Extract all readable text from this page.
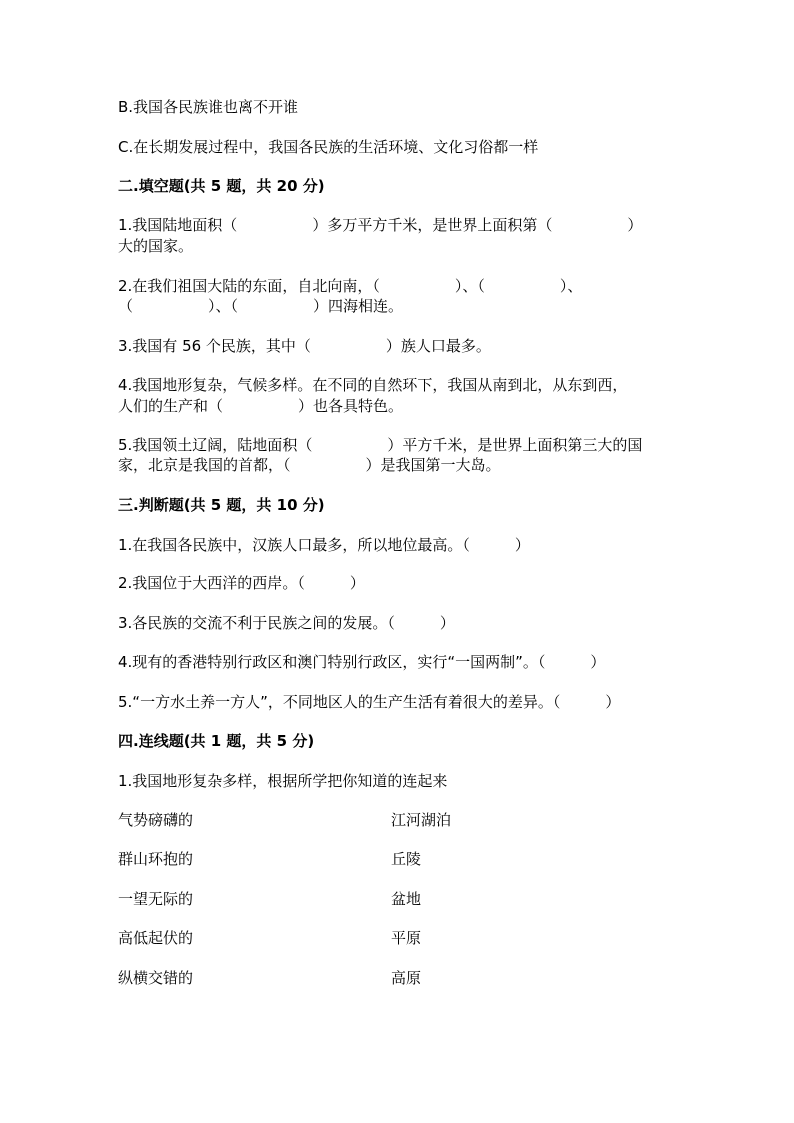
B.我国各民族谁也离不开谁
C.在长期发展过程中，我国各民族的生活环境、文化习俗都一样
二.填空题(共 5 题，共 20 分)
1.我国陆地面积（　　　　　）多万平方千米，是世界上面积第（　　　　　）
大的国家。
2.在我们祖国大陆的东面，自北向南，（　　　　　）、（　　　　　）、
（　　　　　）、（　　　　　）四海相连。
3.我国有 56 个民族，其中（　　　　　）族人口最多。
4.我国地形复杂，气候多样。在不同的自然环下，我国从南到北，从东到西，
人们的生产和（　　　　　）也各具特色。
5.我国领土辽阔，陆地面积（　　　　　）平方千米，是世界上面积第三大的国
家，北京是我国的首都，（　　　　　）是我国第一大岛。
三.判断题(共 5 题，共 10 分)
1.在我国各民族中，汉族人口最多，所以地位最高。（　　　）
2.我国位于大西洋的西岸。（　　　）
3.各民族的交流不利于民族之间的发展。（　　　）
4.现有的香港特别行政区和澳门特别行政区，实行“一国两制”。（　　　）
5.“一方水土养一方人”，不同地区人的生产生活有着很大的差异。（　　　）
四.连线题(共 1 题，共 5 分)
1.我国地形复杂多样，根据所学把你知道的连起来
气势磅礴的	江河湖泊
群山环抱的	丘陵
一望无际的	盆地
高低起伏的	平原
纵横交错的	高原
